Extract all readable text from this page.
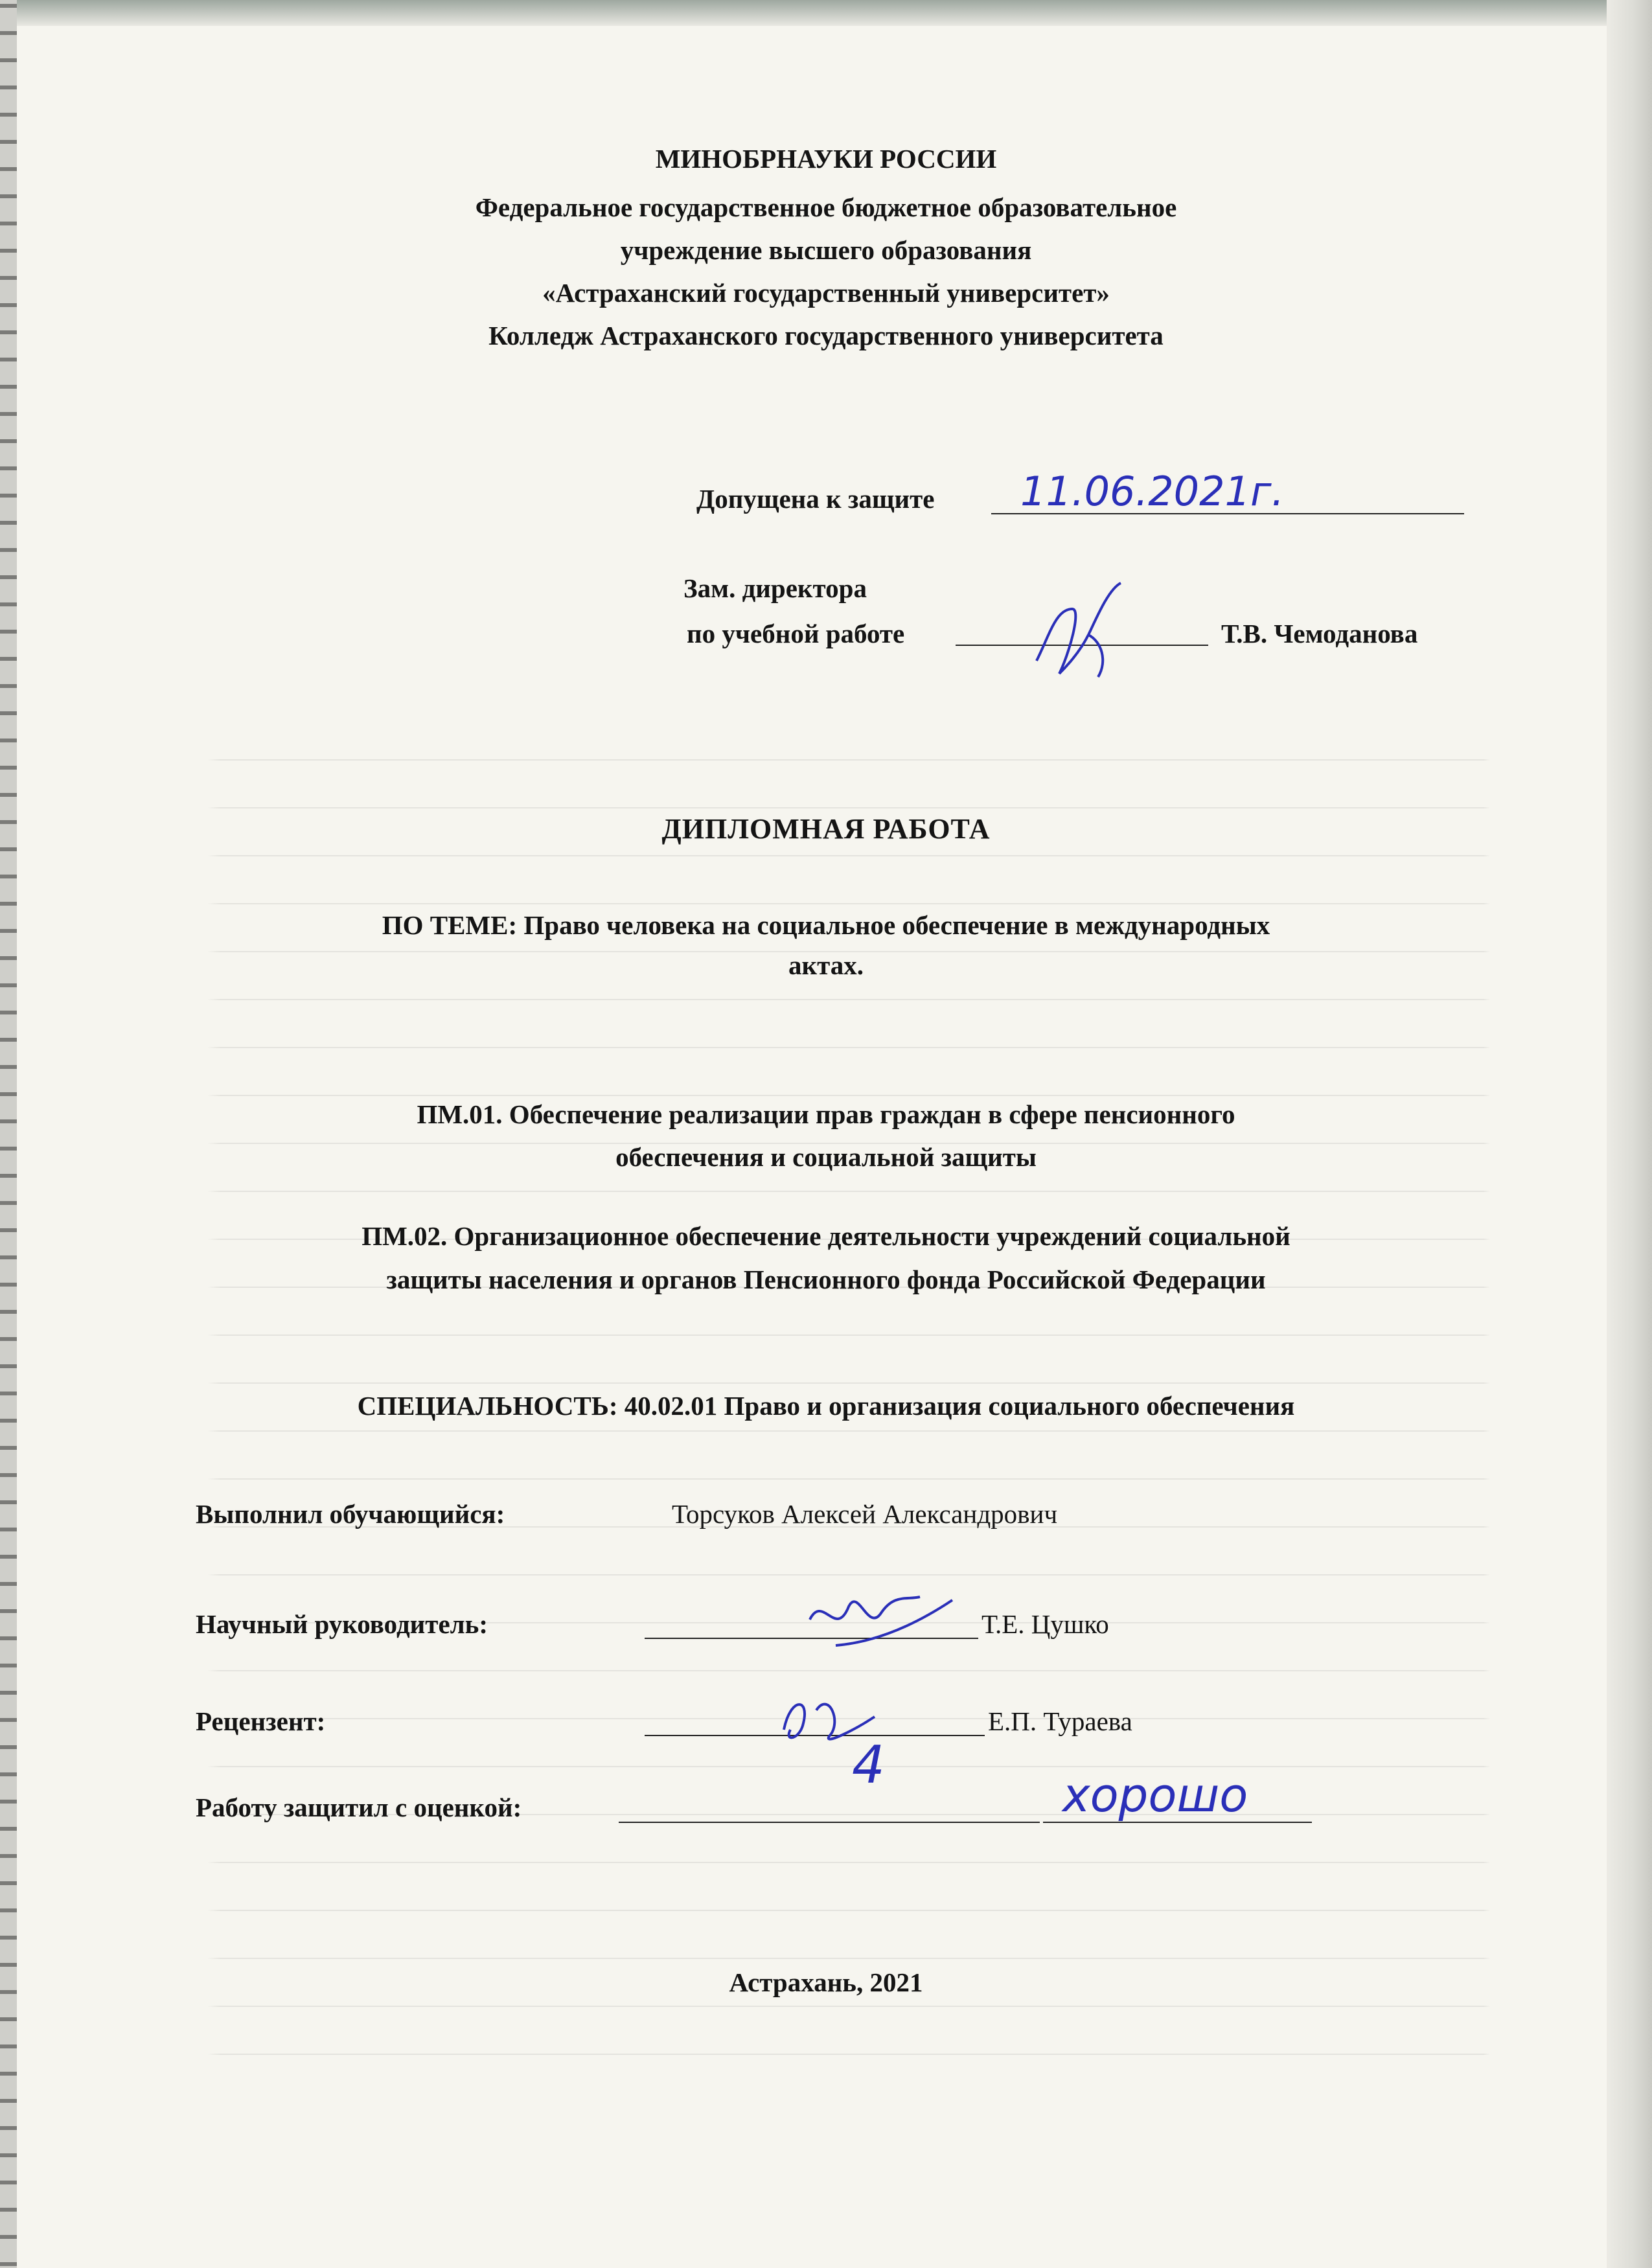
МИНОБРНАУКИ РОССИИ
Федеральное государственное бюджетное образовательное
учреждение высшего образования
«Астраханский государственный университет»
Колледж Астраханского государственного университета
Допущена к защите 11.06.2021г.
Зам. директора
по учебной работе	Т.В. Чемоданова
ДИПЛОМНАЯ РАБОТА
ПО ТЕМЕ: Право человека на социальное обеспечение в международных
актах.
ПМ.01. Обеспечение реализации прав граждан в сфере пенсионного
обеспечения и социальной защиты
ПМ.02. Организационное обеспечение деятельности учреждений социальной
защиты населения и органов Пенсионного фонда Российской Федерации
СПЕЦИАЛЬНОСТЬ: 40.02.01 Право и организация социального обеспечения
Выполнил обучающийся:	Торсуков Алексей Александрович
Научный руководитель:	Т.Е. Цушко
Рецензент:	Е.П. Тураева
Работу защитил с оценкой:
4	хорошо
Астрахань, 2021
